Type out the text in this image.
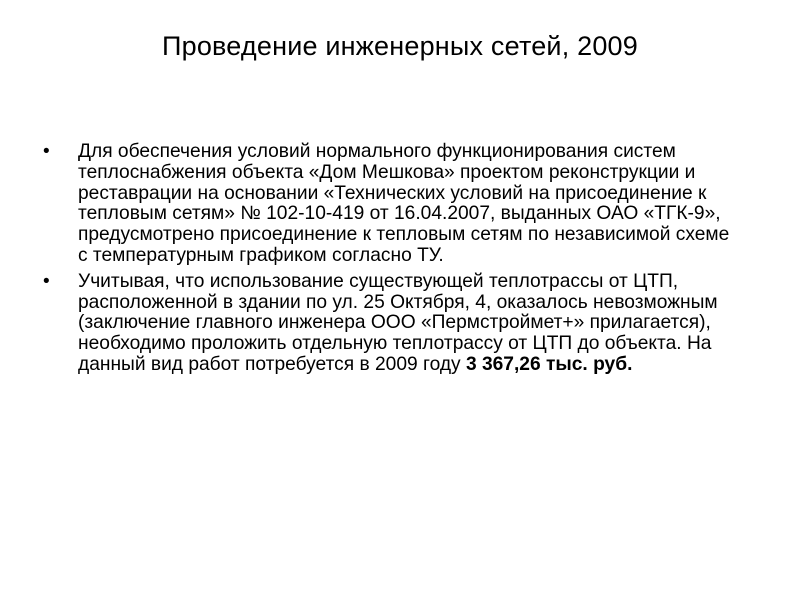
Проведение инженерных сетей, 2009
• Для обеспечения условий нормального функционирования систем теплоснабжения объекта «Дом Мешкова» проектом реконструкции и реставрации на основании «Технических условий на присоединение к тепловым сетям» № 102-10-419 от 16.04.2007, выданных ОАО «ТГК-9», предусмотрено присоединение к тепловым сетям по независимой схеме с температурным графиком согласно ТУ.
• Учитывая, что использование существующей теплотрассы от ЦТП, расположенной в здании по ул. 25 Октября, 4, оказалось невозможным (заключение главного инженера ООО «Пермстроймет+» прилагается), необходимо проложить отдельную теплотрассу от ЦТП до объекта. На данный вид работ потребуется в 2009 году 3 367,26 тыс. руб.
